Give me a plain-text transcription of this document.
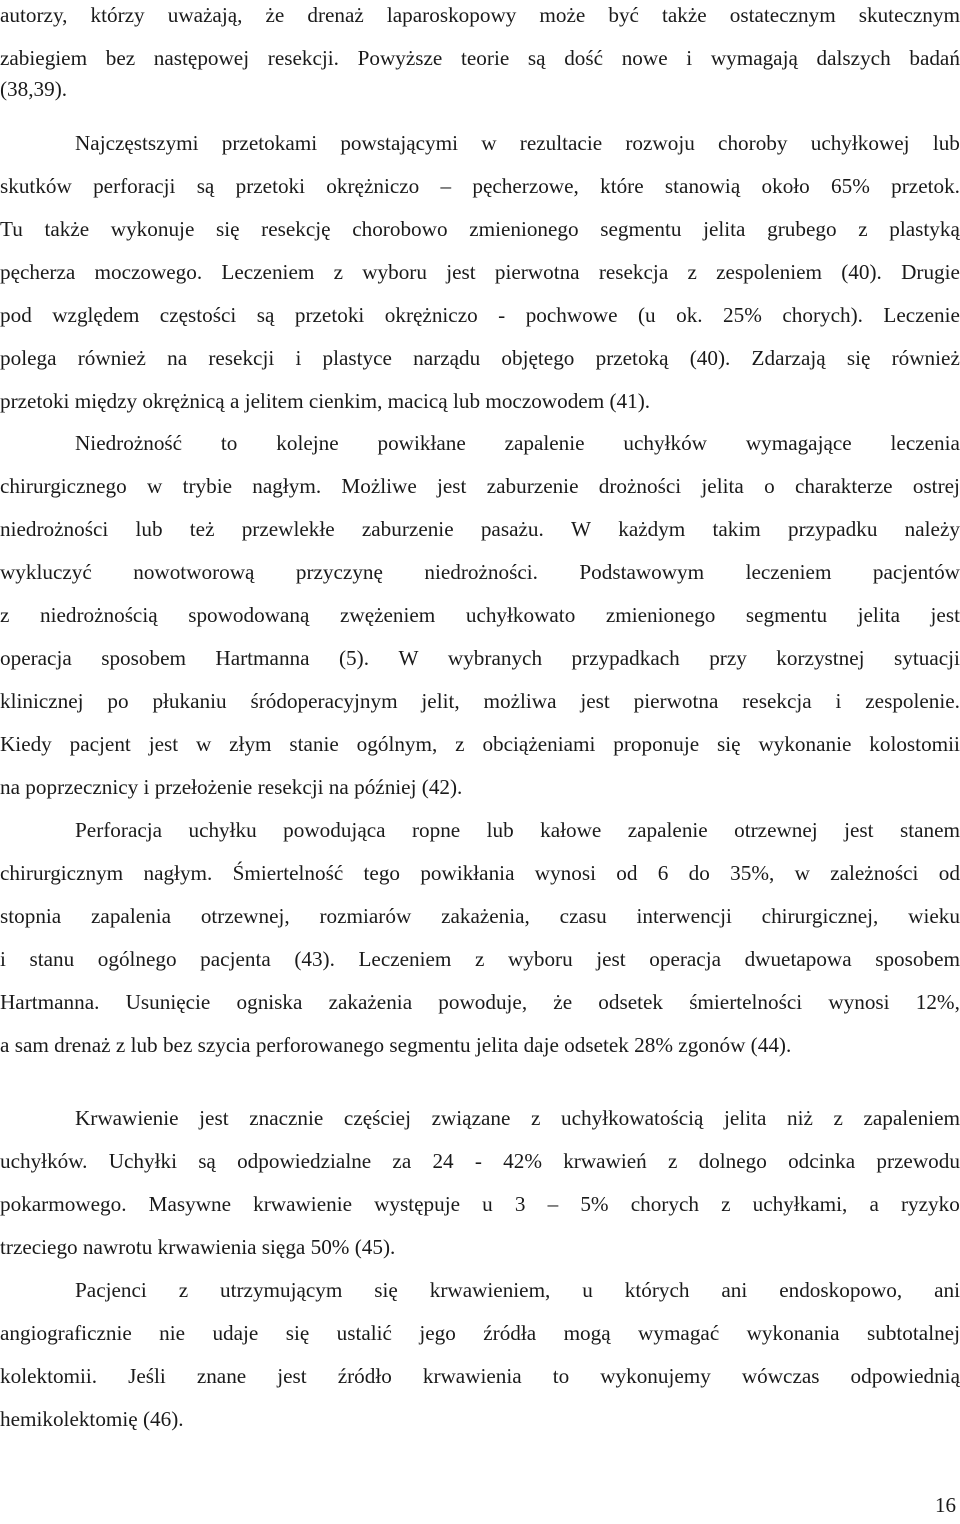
autorzy, którzy uważają, że drenaż laparoskopowy może być także ostatecznym skutecznym
zabiegiem bez następowej resekcji. Powyższe teorie są dość nowe i wymagają dalszych badań
(38,39).
Najczęstszymi przetokami powstającymi w rezultacie rozwoju choroby uchyłkowej lub
skutków perforacji są przetoki okrężniczo – pęcherzowe, które stanowią około 65% przetok.
Tu także wykonuje się resekcję chorobowo zmienionego segmentu jelita grubego z plastyką
pęcherza moczowego. Leczeniem z wyboru jest pierwotna resekcja z zespoleniem (40). Drugie
pod względem częstości są przetoki okrężniczo - pochwowe (u ok. 25% chorych). Leczenie
polega również na resekcji i plastyce narządu objętego przetoką (40). Zdarzają się również
przetoki między okrężnicą a jelitem cienkim, macicą lub moczowodem (41).
Niedrożność to kolejne powikłane zapalenie uchyłków wymagające leczenia
chirurgicznego w trybie nagłym. Możliwe jest zaburzenie drożności jelita o charakterze ostrej
niedrożności lub też przewlekłe zaburzenie pasażu. W każdym takim przypadku należy
wykluczyć nowotworową przyczynę niedrożności. Podstawowym leczeniem pacjentów
z niedrożnością spowodowaną zwężeniem uchyłkowato zmienionego segmentu jelita jest
operacja sposobem Hartmanna (5). W wybranych przypadkach przy korzystnej sytuacji
klinicznej po płukaniu śródoperacyjnym jelit, możliwa jest pierwotna resekcja i zespolenie.
Kiedy pacjent jest w złym stanie ogólnym, z obciążeniami proponuje się wykonanie kolostomii
na poprzecznicy i przełożenie resekcji na później (42).
Perforacja uchyłku powodująca ropne lub kałowe zapalenie otrzewnej jest stanem
chirurgicznym nagłym. Śmiertelność tego powikłania wynosi od 6 do 35%, w zależności od
stopnia zapalenia otrzewnej, rozmiarów zakażenia, czasu interwencji chirurgicznej, wieku
i stanu ogólnego pacjenta (43). Leczeniem z wyboru jest operacja dwuetapowa sposobem
Hartmanna. Usunięcie ogniska zakażenia powoduje, że odsetek śmiertelności wynosi 12%,
a sam drenaż z lub bez szycia perforowanego segmentu jelita daje odsetek 28% zgonów (44).
Krwawienie jest znacznie częściej związane z uchyłkowatością jelita niż z zapaleniem
uchyłków. Uchyłki są odpowiedzialne za 24 - 42% krwawień z dolnego odcinka przewodu
pokarmowego. Masywne krwawienie występuje u 3 – 5% chorych z uchyłkami, a ryzyko
trzeciego nawrotu krwawienia sięga 50% (45).
Pacjenci z utrzymującym się krwawieniem, u których ani endoskopowo, ani
angiograficznie nie udaje się ustalić jego źródła mogą wymagać wykonania subtotalnej
kolektomii. Jeśli znane jest źródło krwawienia to wykonujemy wówczas odpowiednią
hemikolektomię (46).
16
